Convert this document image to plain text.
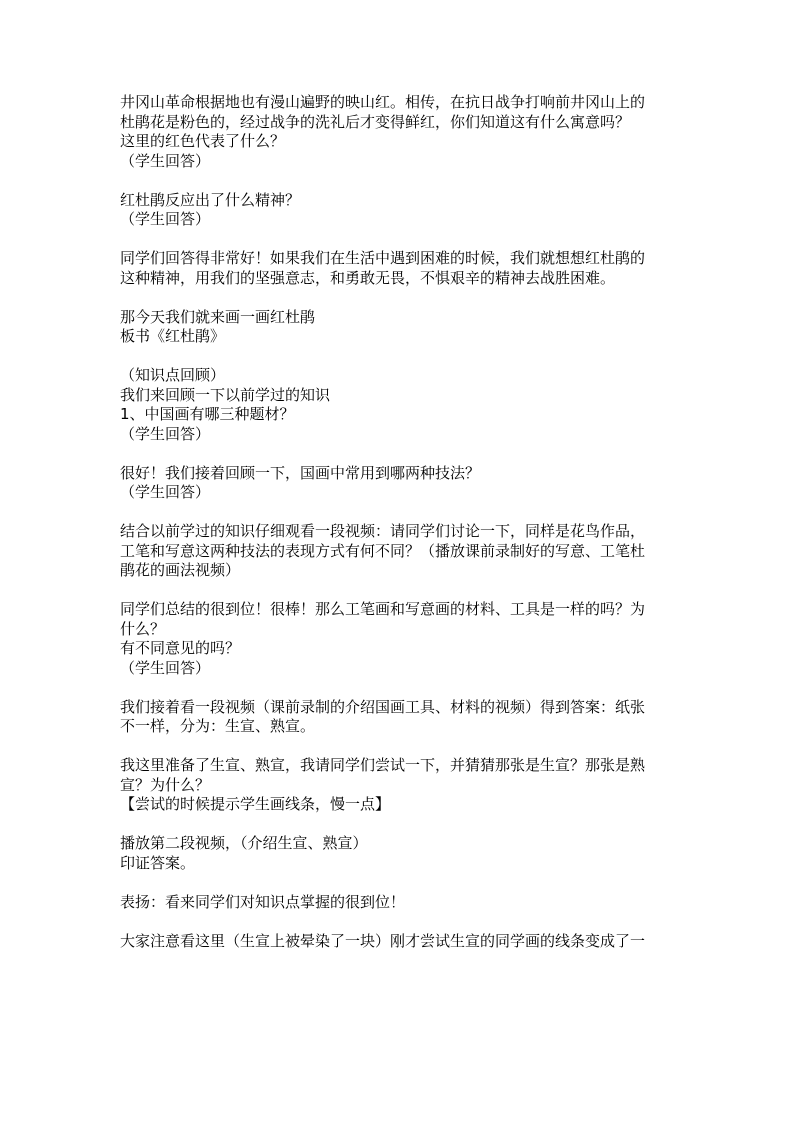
井冈山革命根据地也有漫山遍野的映山红。相传，在抗日战争打响前井冈山上的
杜鹃花是粉色的，经过战争的洗礼后才变得鲜红，你们知道这有什么寓意吗？
这里的红色代表了什么？
（学生回答）
红杜鹃反应出了什么精神？
（学生回答）
同学们回答得非常好！如果我们在生活中遇到困难的时候，我们就想想红杜鹃的
这种精神，用我们的坚强意志，和勇敢无畏，不惧艰辛的精神去战胜困难。
那今天我们就来画一画红杜鹃
板书《红杜鹃》
（知识点回顾）
我们来回顾一下以前学过的知识
1、中国画有哪三种题材？
（学生回答）
很好！我们接着回顾一下，国画中常用到哪两种技法？
（学生回答）
结合以前学过的知识仔细观看一段视频：请同学们讨论一下，同样是花鸟作品，
工笔和写意这两种技法的表现方式有何不同？（播放课前录制好的写意、工笔杜
鹃花的画法视频）
同学们总结的很到位！很棒！那么工笔画和写意画的材料、工具是一样的吗？为
什么？
有不同意见的吗？
（学生回答）
我们接着看一段视频（课前录制的介绍国画工具、材料的视频）得到答案：纸张
不一样，分为：生宣、熟宣。
我这里准备了生宣、熟宣，我请同学们尝试一下，并猜猜那张是生宣？那张是熟
宣？为什么？
【尝试的时候提示学生画线条，慢一点】
播放第二段视频，（介绍生宣、熟宣）
印证答案。
表扬：看来同学们对知识点掌握的很到位！
大家注意看这里（生宣上被晕染了一块）刚才尝试生宣的同学画的线条变成了一
